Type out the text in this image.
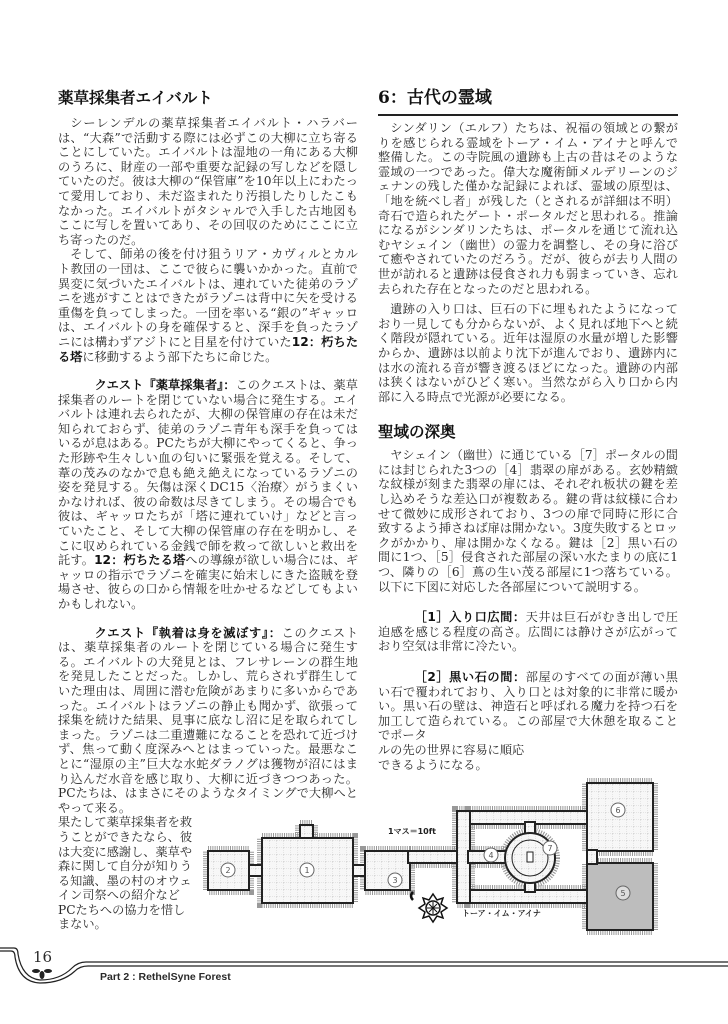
薬草採集者エイバルト

シーレンデルの薬草採集者エイバルト・ハラバーは、“大森”で活動する際には必ずこの大柳に立ち寄ることにしていた。エイバルトは湿地の一角にある大柳のうろに、財産の一部や重要な記録の写しなどを隠していたのだ。彼は大柳の“保管庫”を10年以上にわたって愛用しており、未だ盗まれたり汚損したりしたこもなかった。エイバルトがタシャルで入手した古地図もここに写しを置いてあり、その回収のためにここに立ち寄ったのだ。

そして、師弟の後を付け狙うリア・カヴィルとカルト教団の一団は、ここで彼らに襲いかかった。直前で異変に気づいたエイバルトは、連れていた徒弟のラゾニを逃がすことはできたがラゾニは背中に矢を受ける重傷を負ってしまった。一団を率いる“銀の”ギャッロは、エイバルトの身を確保すると、深手を負ったラゾニには構わずアジトにと目星を付けていた12：朽ちたる塔に移動するよう部下たちに命じた。

クエスト『薬草採集者』：このクエストは、薬草採集者のルートを閉じていない場合に発生する。エイバルトは連れ去られたが、大柳の保管庫の存在は未だ知られておらず、徒弟のラゾニ青年も深手を負ってはいるが息はある。PCたちが大柳にやってくると、争った形跡や生々しい血の匂いに緊張を覚える。そして、葦の茂みのなかで息も絶え絶えになっているラゾニの姿を発見する。矢傷は深くDC15〈治療〉がうまくいかなければ、彼の命数は尽きてしまう。その場合でも彼は、ギャッロたちが「塔に連れていけ」などと言っていたこと、そして大柳の保管庫の存在を明かし、そこに収められている金銭で師を救って欲しいと救出を託す。12：朽ちたる塔への導線が欲しい場合には、ギャッロの指示でラゾニを確実に始末しにきた盗賊を登場させ、彼らの口から情報を吐かせるなどしてもよいかもしれない。

クエスト『執着は身を滅ぼす』：このクエストは、薬草採集者のルートを閉じている場合に発生する。エイバルトの大発見とは、フレサレーンの群生地を発見したことだった。しかし、荒らされず群生していた理由は、周囲に潜む危険があまりに多いからであった。エイバルトはラゾニの静止も聞かず、欲張って採集を続けた結果、見事に底なし沼に足を取られてしまった。ラゾニは二重遭難になることを恐れて近づけず、焦って動く度深みへとはまっていった。最悪なことに“湿原の主”巨大な水蛇ダラノグは獲物が沼にはまり込んだ水音を感じ取り、大柳に近づきつつあった。PCたちは、はまさにそのようなタイミングで大柳へとやって来る。

果たして薬草採集者を救うことができたなら、彼は大変に感謝し、薬草や森に関して自分が知りうる知識、墨の村のオウェイン司祭への紹介などPCたちへの協力を惜しまない。

6：古代の霊域

シンダリン（エルフ）たちは、祝福の領域との繋がりを感じられる霊域をトーア・イム・アイナと呼んで整備した。この寺院風の遺跡も上古の昔はそのような霊域の一つであった。偉大な魔術師メルデリーンのジェナンの残した僅かな記録によれば、霊域の原型は、「地を統べし者」が残した（とされるが詳細は不明）奇石で造られたゲート・ポータルだと思われる。推論になるがシンダリンたちは、ポータルを通じて流れ込むヤシェイン（幽世）の霊力を調整し、その身に浴びて癒やされていたのだろう。だが、彼らが去り人間の世が訪れると遺跡は侵食され力も弱まっていき、忘れ去られた存在となったのだと思われる。

遺跡の入り口は、巨石の下に埋もれたようになっており一見しても分からないが、よく見れば地下へと続く階段が隠れている。近年は湿原の水量が増した影響からか、遺跡は以前より沈下が進んでおり、遺跡内には水の流れる音が響き渡るほどになった。遺跡の内部は狭くはないがひどく寒い。当然ながら入り口から内部に入る時点で光源が必要になる。

聖域の深奥

ヤシェイン（幽世）に通じている［7］ポータルの間には封じられた3つの［4］翡翠の扉がある。玄妙精緻な紋様が刻また翡翠の扉には、それぞれ板状の鍵を差し込めそうな差込口が複数ある。鍵の背は紋様に合わせて微妙に成形されており、3つの扉で同時に形に合致するよう挿さねば扉は開かない。3度失敗するとロックがかかり、扉は開かなくなる。鍵は［2］黒い石の間に1つ、［5］侵食された部屋の深い水たまりの底に1つ、隣りの［6］蔦の生い茂る部屋に1つ落ちている。以下に下図に対応した各部屋について説明する。

［1］入り口広間：天井は巨石がむき出しで圧迫感を感じる程度の高さ。広間には静けさが広がっており空気は非常に冷たい。

［2］黒い石の間：部屋のすべての面が薄い黒い石で覆われており、入り口とは対象的に非常に暖かい。黒い石の壁は、神造石と呼ばれる魔力を持つ石を加工して造られている。この部屋で大休憩を取ることでポータ

ルの先の世界に容易に順応できるようになる。

1
2
3
4
5
6
7
1マス＝10ft
トーア・イム・アイナ
16
Part 2 : RethelSyne Forest
